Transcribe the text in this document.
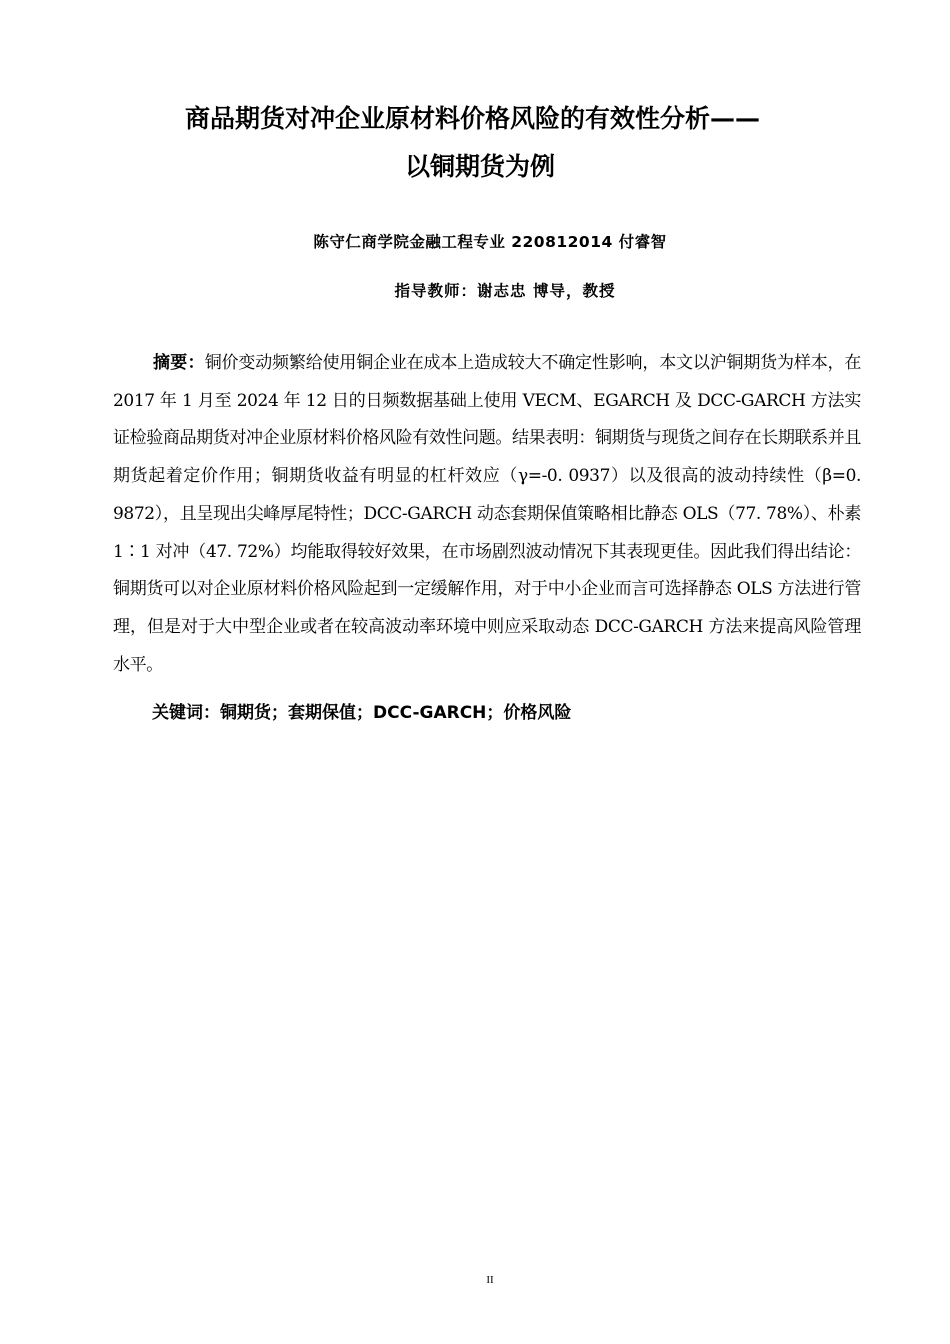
商品期货对冲企业原材料价格风险的有效性分析——
以铜期货为例
陈守仁商学院金融工程专业 220812014 付睿智
指导教师：谢志忠 博导，教授

摘要：铜价变动频繁给使用铜企业在成本上造成较大不确定性影响，本文以沪铜期货为样本，在 2017 年 1 月至 2024 年 12 日的日频数据基础上使用 VECM、EGARCH 及 DCC-GARCH 方法实证检验商品期货对冲企业原材料价格风险有效性问题。结果表明：铜期货与现货之间存在长期联系并且期货起着定价作用；铜期货收益有明显的杠杆效应（γ=-0. 0937）以及很高的波动持续性（β=0. 9872），且呈现出尖峰厚尾特性；DCC-GARCH 动态套期保值策略相比静态 OLS（77. 78%）、朴素 1∶1 对冲（47. 72%）均能取得较好效果，在市场剧烈波动情况下其表现更佳。因此我们得出结论：铜期货可以对企业原材料价格风险起到一定缓解作用，对于中小企业而言可选择静态 OLS 方法进行管理，但是对于大中型企业或者在较高波动率环境中则应采取动态 DCC-GARCH 方法来提高风险管理水平。

关键词：铜期货；套期保值；DCC-GARCH；价格风险
II
